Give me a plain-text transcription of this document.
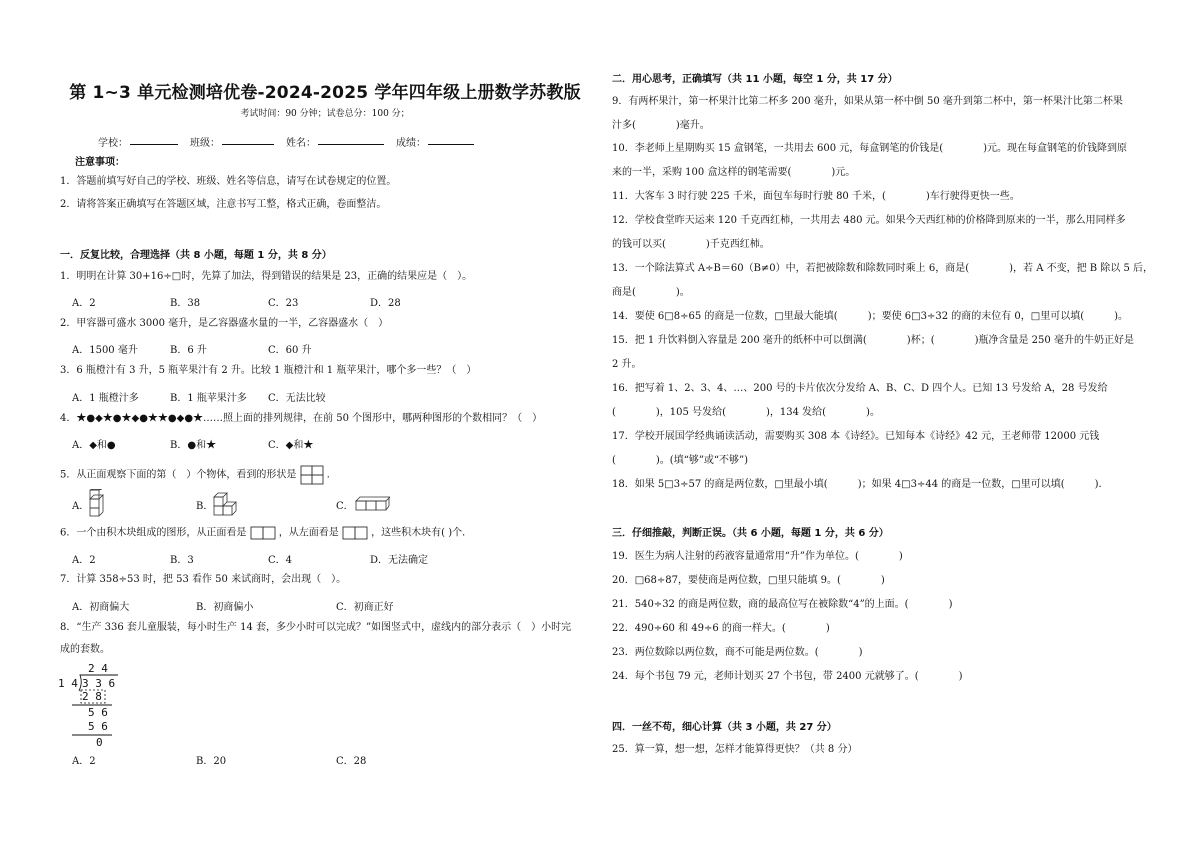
第 1~3 单元检测培优卷-2024-2025 学年四年级上册数学苏教版
考试时间：90 分钟；试卷总分：100 分；
学校：	班级：	姓名：	成绩：
注意事项：
1．答题前填写好自己的学校、班级、姓名等信息，请写在试卷规定的位置。
2．请将答案正确填写在答题区域，注意书写工整，格式正确，卷面整洁。
一．反复比较，合理选择（共 8 小题，每题 1 分，共 8 分）
1．明明在计算 30+16÷□时，先算了加法，得到错误的结果是 23，正确的结果应是（　）。
A．2	B．38	C．23	D．28
2．甲容器可盛水 3000 毫升，是乙容器盛水量的一半，乙容器盛水（　）
A．1500 毫升	B．6 升	C．60 升
3．6 瓶橙汁有 3 升，5 瓶苹果汁有 2 升。比较 1 瓶橙汁和 1 瓶苹果汁，哪个多一些？（　）
A．1 瓶橙汁多	B．1 瓶苹果汁多 C．无法比较
4．★●◆★●★◆●★★●◆●★……照上面的排列规律，在前 50 个图形中，哪两种图形的个数相同？（　）
A．◆和●	B．●和★	C．◆和★
5．从正面观察下面的第（　）个物体，看到的形状是	．
A．	B．	C．
6．一个由积木块组成的图形，从正面看是	，从左面看是	，这些积木块有( )个．
A．2	B．3	C．4	D．无法确定
7．计算 358÷53 时，把 53 看作 50 来试商时，会出现（　）。
A．初商偏大	B．初商偏小	C．初商正好
8．“生产 336 套儿童服装，每小时生产 14 套，多少小时可以完成？”如图竖式中，虚线内的部分表示（　）小时完
成的套数。
2 4
1 4 3 3 6
2 8
5 6
5 6
0
A．2	B．20	C．28
二．用心思考，正确填写（共 11 小题，每空 1 分，共 17 分）
9．有两杯果汁，第一杯果汁比第二杯多 200 毫升，如果从第一杯中倒 50 毫升到第二杯中，第一杯果汁比第二杯果
汁多(　　　　)毫升。
10．李老师上星期购买 15 盒钢笔，一共用去 600 元，每盒钢笔的价钱是(　　　　)元。现在每盒钢笔的价钱降到原
来的一半，采购 100 盒这样的钢笔需要(　　　　)元。
11．大客车 3 时行驶 225 千米，面包车每时行驶 80 千米，(　　　　)车行驶得更快一些。
12．学校食堂昨天运来 120 千克西红柿，一共用去 480 元。如果今天西红柿的价格降到原来的一半，那么用同样多
的钱可以买(　　　　)千克西红柿。
13．一个除法算式 A÷B＝60（B≠0）中，若把被除数和除数同时乘上 6，商是(　　　　)，若 A 不变，把 B 除以 5 后，
商是(　　　　)。
14．要使 6□8÷65 的商是一位数，□里最大能填(　　　)；要使 6□3÷32 的商的末位有 0，□里可以填(　　　)。
15．把 1 升饮料倒入容量是 200 毫升的纸杯中可以倒满(　　　　)杯；(　　　　)瓶净含量是 250 毫升的牛奶正好是
2 升。
16．把写着 1、2、3、4、…、200 号的卡片依次分发给 A、B、C、D 四个人。已知 13 号发给 A，28 号发给
(　　　　)，105 号发给(　　　　)，134 发给(　　　　)。
17．学校开展国学经典诵读活动，需要购买 308 本《诗经》。已知每本《诗经》42 元，王老师带 12000 元钱
(　　　　)。(填“够”或“不够”)
18．如果 5□3÷57 的商是两位数，□里最小填(　　　)；如果 4□3÷44 的商是一位数，□里可以填(　　　)．
三．仔细推敲，判断正误。（共 6 小题，每题 1 分，共 6 分）
19．医生为病人注射的药液容量通常用“升”作为单位。(　　　　)
20．□68÷87，要使商是两位数，□里只能填 9。(　　　　)
21．540÷32 的商是两位数，商的最高位写在被除数“4”的上面。(　　　　)
22．490÷60 和 49÷6 的商一样大。(　　　　)
23．两位数除以两位数，商不可能是两位数。(　　　　)
24．每个书包 79 元，老师计划买 27 个书包，带 2400 元就够了。(　　　　)
四．一丝不苟，细心计算（共 3 小题，共 27 分）
25．算一算，想一想，怎样才能算得更快？（共 8 分）
